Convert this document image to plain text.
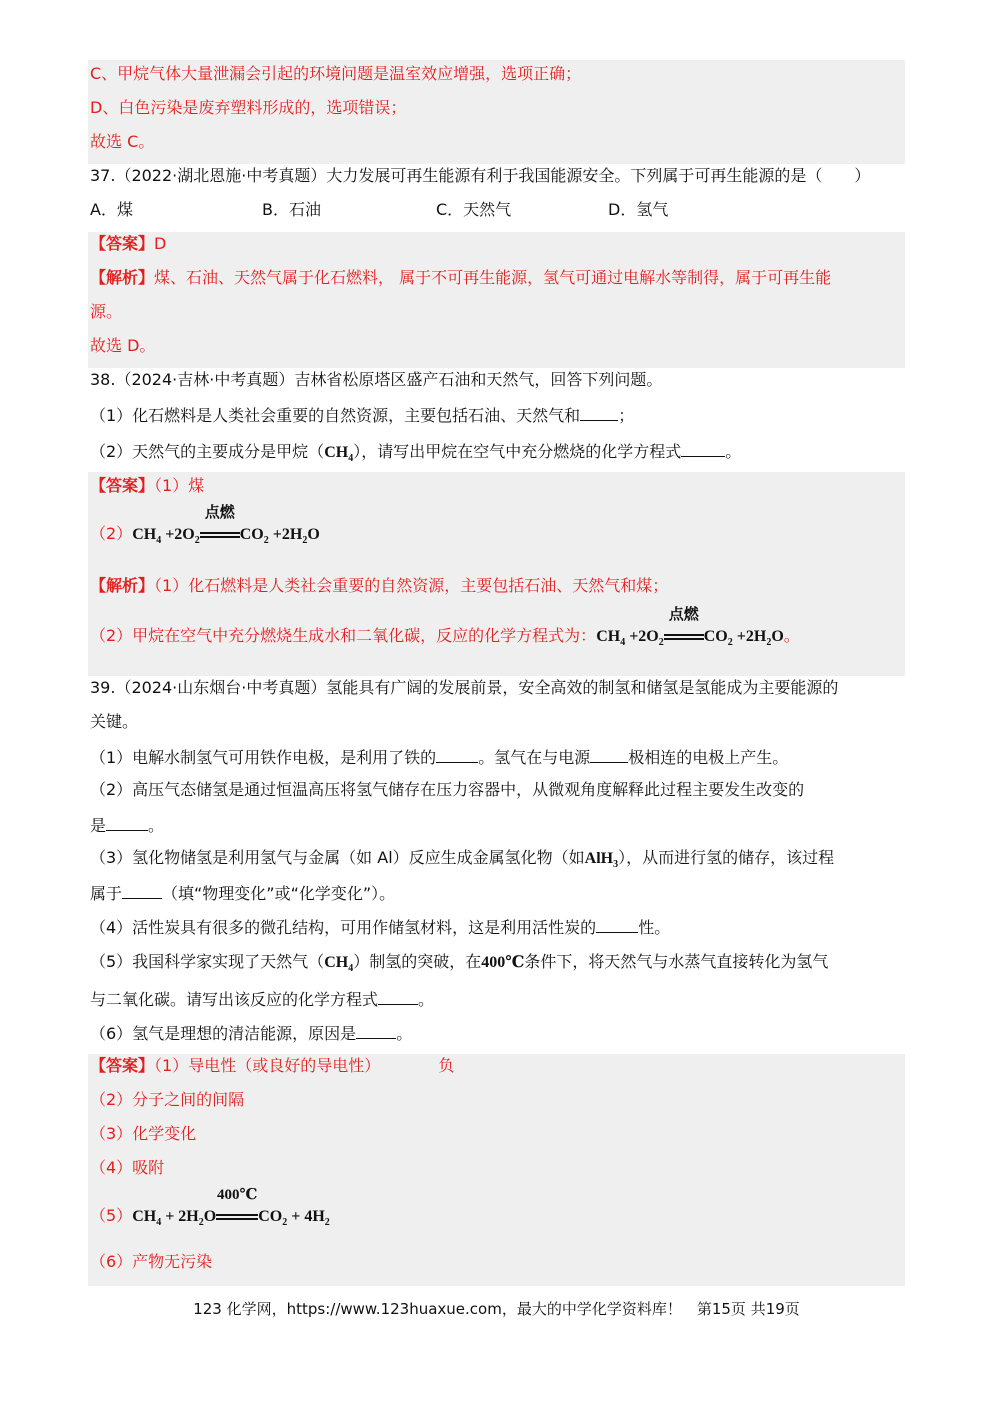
C、甲烷气体大量泄漏会引起的环境问题是温室效应增强，选项正确；
D、白色污染是废弃塑料形成的，选项错误；
故选 C。
37.（2022·湖北恩施·中考真题）大力发展可再生能源有利于我国能源安全。下列属于可再生能源的是（　　）
A．煤	B．石油	C．天然气	D．氢气
【答案】D
【解析】煤、石油、天然气属于化石燃料， 属于不可再生能源，氢气可通过电解水等制得，属于可再生能
源。
故选 D。
38.（2024·吉林·中考真题）吉林省松原塔区盛产石油和天然气，回答下列问题。
（1）化石燃料是人类社会重要的自然资源，主要包括石油、天然气和 ；
（2）天然气的主要成分是甲烷$(CH_4)$，请写出甲烷在空气中充分燃烧的化学方程式	。
【答案】（1）煤
$(2)CH_4 +2O_2$
点燃
$CO_2 +2H_2O$
【解析】（1）化石燃料是人类社会重要的自然资源，主要包括石油、天然气和煤；
（2）甲烷在空气中充分燃烧生成水和二氧化碳，反应的化学方程式为：$CH_4 +2O_2$
点燃
$CO_2 +2H_2O$。
39.（2024·山东烟台·中考真题）氢能具有广阔的发展前景，安全高效的制氢和储氢是氢能成为主要能源的
关键。
（1）电解水制氢气可用铁作电极，是利用了铁的	。氢气在与电源 极相连的电极上产生。
（2）高压气态储氢是通过恒温高压将氢气储存在压力容器中，从微观角度解释此过程主要发生改变的
是	。
（3）氢化物储氢是利用氢气与金属（如 Al）反应生成金属氢化物（如AlH$_3$），从而进行氢的储存，该过程
属于	（填“物理变化”或“化学变化”）。
（4）活性炭具有很多的微孔结构，可用作储氢材料，这是利用活性炭的	性。
（5）我国科学家实现了天然气$(CH_4)$制氢的突破，在400℃条件下，将天然气与水蒸气直接转化为氢气
与二氧化碳。请写出该反应的化学方程式	。
（6）氢气是理想的清洁能源，原因是	。
【答案】（1）导电性（或良好的导电性）	负
（2）分子之间的间隔
（3）化学变化
（4）吸附
$(5)CH_4 + 2H_2O$
400℃
$CO_2 + 4H_2$
（6）产物无污染
123 化学网，https://www.123huaxue.com，最大的中学化学资料库！　第15页 共19页
